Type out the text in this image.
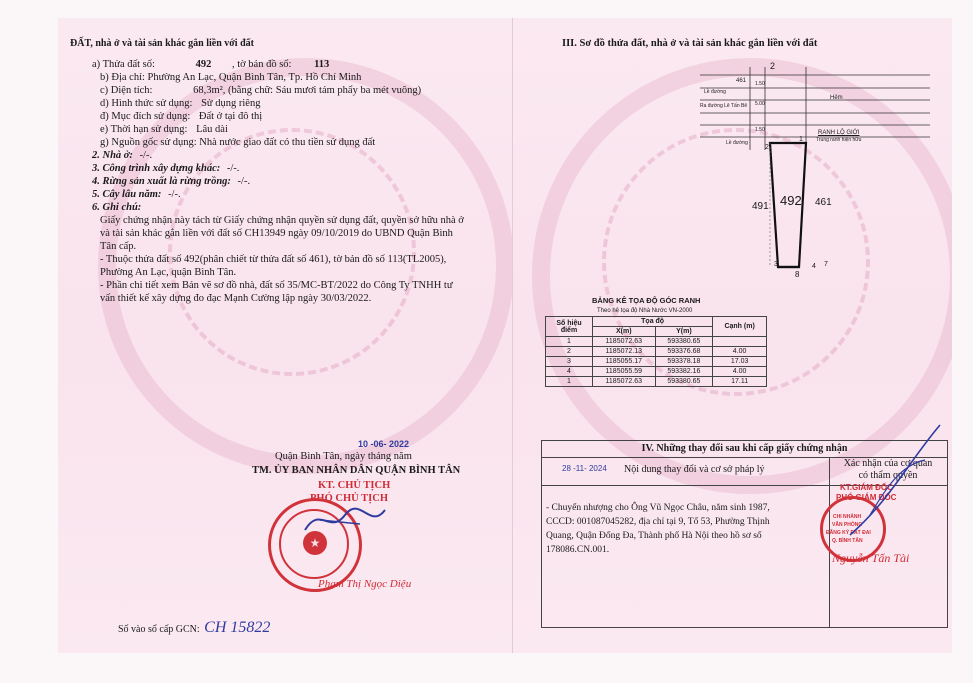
ĐẤT, nhà ở và tài sản khác gắn liền với đất
a) Thửa đất số:	492 , tờ bản đồ số: 113
b) Địa chỉ: Phường An Lạc, Quận Bình Tân, Tp. Hồ Chí Minh
c) Diện tích:	68,3m², (bằng chữ: Sáu mươi tám phẩy ba mét vuông)
d) Hình thức sử dụng: Sử dụng riêng
đ) Mục đích sử dụng: Đất ở tại đô thị
e) Thời hạn sử dụng: Lâu dài
g) Nguồn gốc sử dụng: Nhà nước giao đất có thu tiền sử dụng đất
2. Nhà ở: -/-.
3. Công trình xây dựng khác: -/-.
4. Rừng sản xuất là rừng trồng: -/-.
5. Cây lâu năm: -/-.
6. Ghi chú:
Giấy chứng nhận này tách từ Giấy chứng nhận quyền sử dụng đất, quyền sở hữu nhà ở
và tài sản khác gắn liền với đất số CH13949 ngày 09/10/2019 do UBND Quận Bình
Tân cấp.
- Thuộc thửa đất số 492(phân chiết từ thửa đất số 461), tờ bản đồ số 113(TL2005),
Phường An Lạc, quận Bình Tân.
- Phần chi tiết xem Bản vẽ sơ đồ nhà, đất số 35/MC-BT/2022 do Công Ty TNHH tư
vấn thiết kế xây dựng đo đạc Mạnh Cường lập ngày 30/03/2022.
10 -06- 2022
Quận Bình Tân, ngày tháng năm
TM. ỦY BAN NHÂN DÂN QUẬN BÌNH TÂN
KT. CHỦ TỊCH
PHÓ CHỦ TỊCH
★
Phạm Thị Ngọc Diệu
Số vào sổ cấp GCN: CH 15822
III. Sơ đồ thửa đất, nhà ở và tài sản khác gắn liền với đất
2
461
Lề đường
Ra đường Lê Tấn Bê
Hẻm
Lề đường
RANH LỘ GIỚI
Trung ranh hiện hữu
1.50
5.00
1.50
1
2
3	4 7
8
491 492 461
BẢNG KÊ TỌA ĐỘ GÓC RANH
Theo hệ tọa độ Nhà Nước VN-2000
Số hiệu điểm	Tọa độ		Cạnh (m)
	X(m)	Y(m)	
1	1185072.63	593380.65	
2	1185072.13	593376.68	4.00
3	1185055.17	593378.18	17.03
4	1185055.59	593382.16	4.00
1	1185072.63	593380.65	17.11
IV. Những thay đổi sau khi cấp giấy chứng nhận
28 -11- 2024 Nội dung thay đổi và cơ sở pháp lý
Xác nhận của cơ quan có thẩm quyền
- Chuyển nhượng cho Ông Vũ Ngọc Châu, năm sinh 1987,
CCCD: 001087045282, địa chỉ tại 9, Tổ 53, Phường Thịnh
Quang, Quận Đống Đa, Thành phố Hà Nội theo hồ sơ số
178086.CN.001.
KT.GIÁM ĐỐC
PHÓ GIÁM ĐỐC
CHI NHÁNH
VĂN PHÒNG
ĐĂNG KÝ ĐẤT ĐAI
Q. BÌNH TÂN
Nguyễn Tấn Tài
